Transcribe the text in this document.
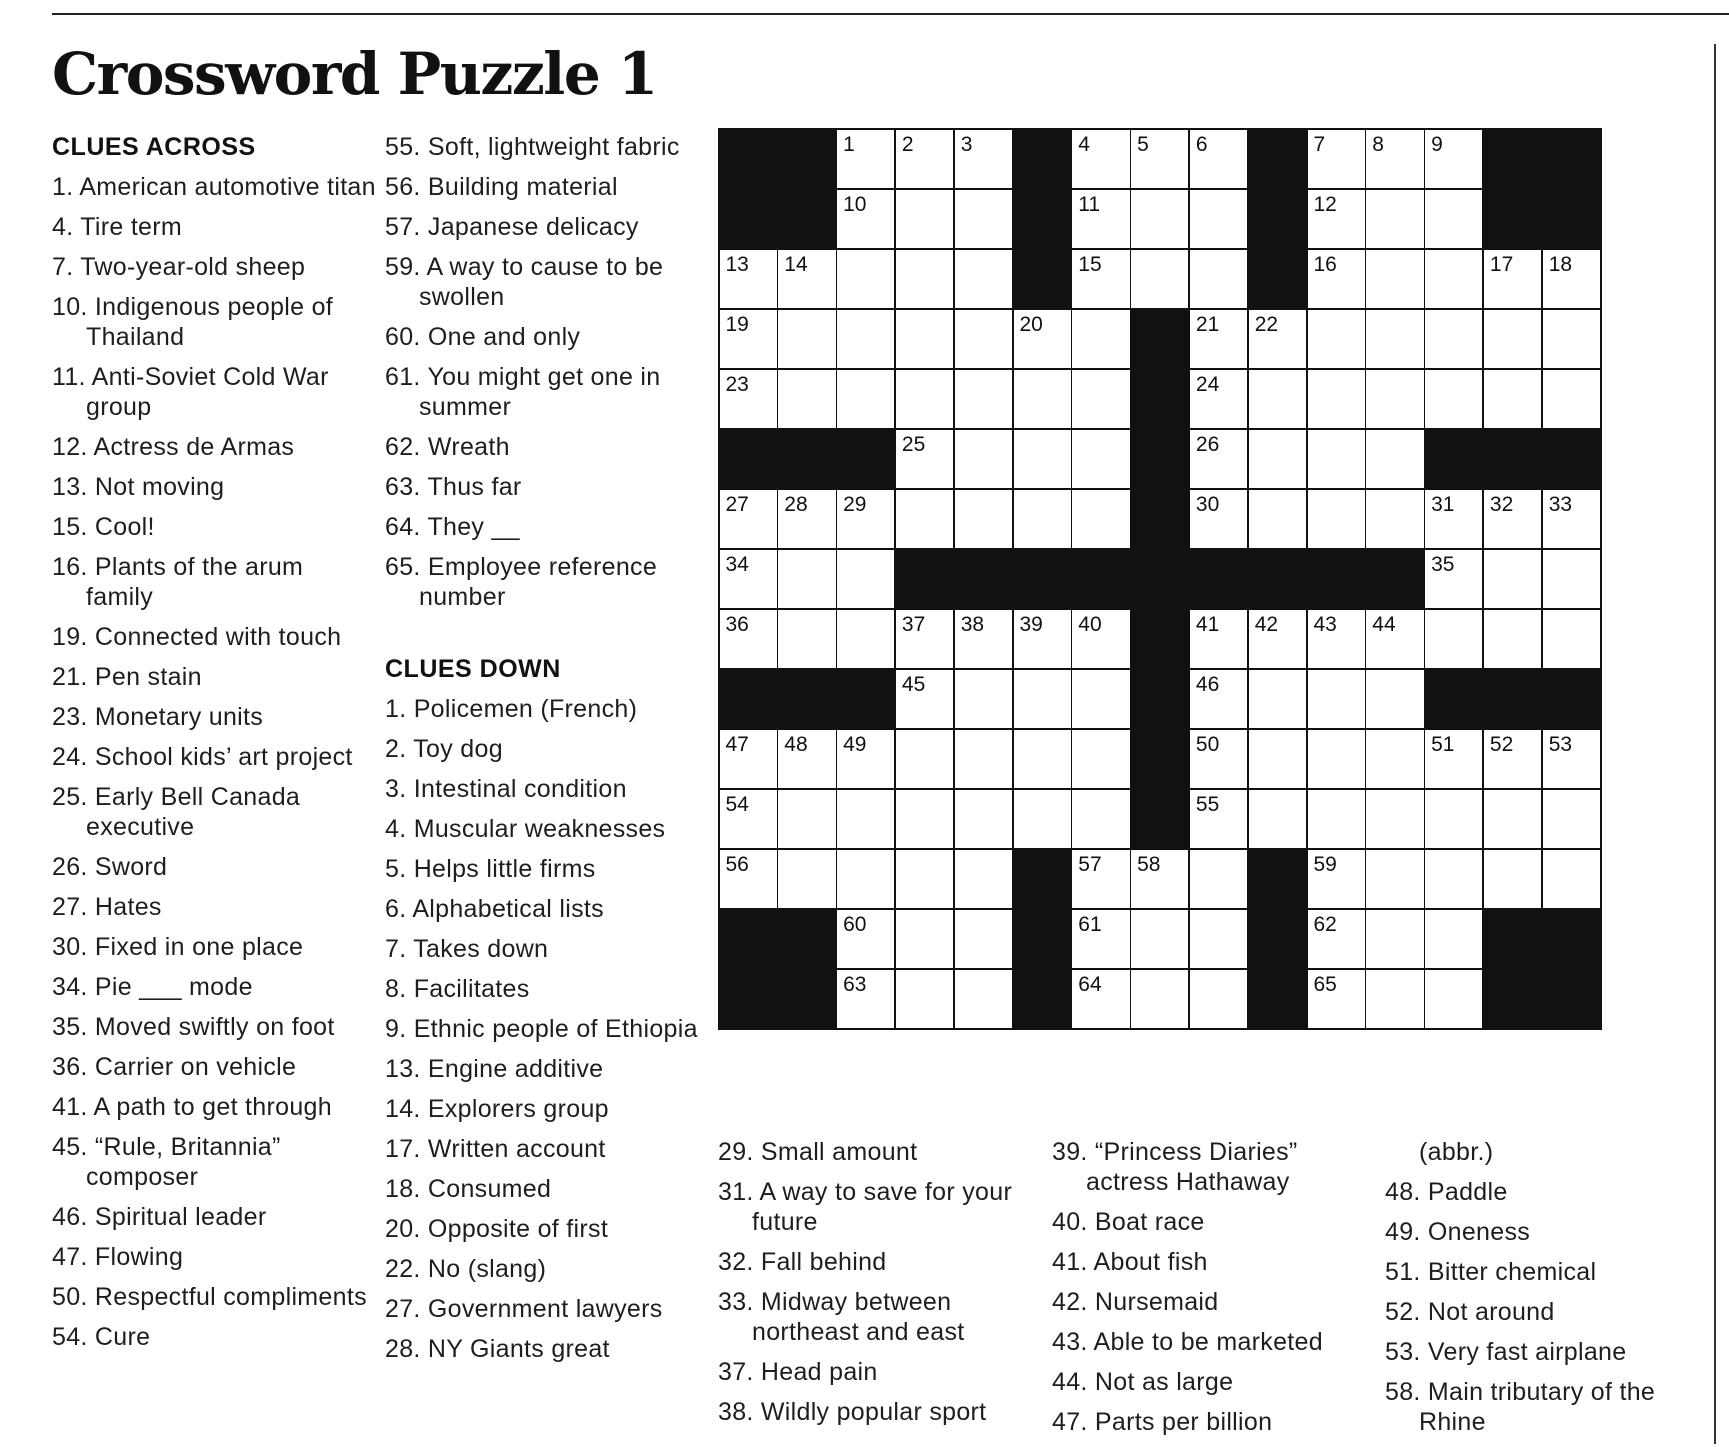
Crossword Puzzle 1
CLUES ACROSS
1. American automotive titan
4. Tire term
7. Two-year-old sheep
10. Indigenous people of Thailand
11. Anti-Soviet Cold War group
12. Actress de Armas
13. Not moving
15. Cool!
16. Plants of the arum family
19. Connected with touch
21. Pen stain
23. Monetary units
24. School kids’ art project
25. Early Bell Canada executive
26. Sword
27. Hates
30. Fixed in one place
34. Pie ___ mode
35. Moved swiftly on foot
36. Carrier on vehicle
41. A path to get through
45. “Rule, Britannia” composer
46. Spiritual leader
47. Flowing
50. Respectful compliments
54. Cure
55. Soft, lightweight fabric
56. Building material
57. Japanese delicacy
59. A way to cause to be swollen
60. One and only
61. You might get one in summer
62. Wreath
63. Thus far
64. They __
65. Employee reference number
CLUES DOWN
1. Policemen (French)
2. Toy dog
3. Intestinal condition
4. Muscular weaknesses
5. Helps little firms
6. Alphabetical lists
7. Takes down
8. Facilitates
9. Ethnic people of Ethiopia
13. Engine additive
14. Explorers group
17. Written account
18. Consumed
20. Opposite of first
22. No (slang)
27. Government lawyers
28. NY Giants great
29. Small amount
31. A way to save for your future
32. Fall behind
33. Midway between northeast and east
37. Head pain
38. Wildly popular sport
39. “Princess Diaries” actress Hathaway
40. Boat race
41. About fish
42. Nursemaid
43. Able to be marketed
44. Not as large
47. Parts per billion
(abbr.)
48. Paddle
49. Oneness
51. Bitter chemical
52. Not around
53. Very fast airplane
58. Main tributary of the Rhine
1 2 3	4 5 6	7 8 9
10	11	12
13 14	15	16	17 18
19	20	21 22
23	24
25	26
27 28 29	30	31 32 33
34	35
36	37 38 39 40	41 42 43 44
45	46
47 48 49	50	51 52 53
54	55
56	57 58	59
60	61	62
63	64	65
